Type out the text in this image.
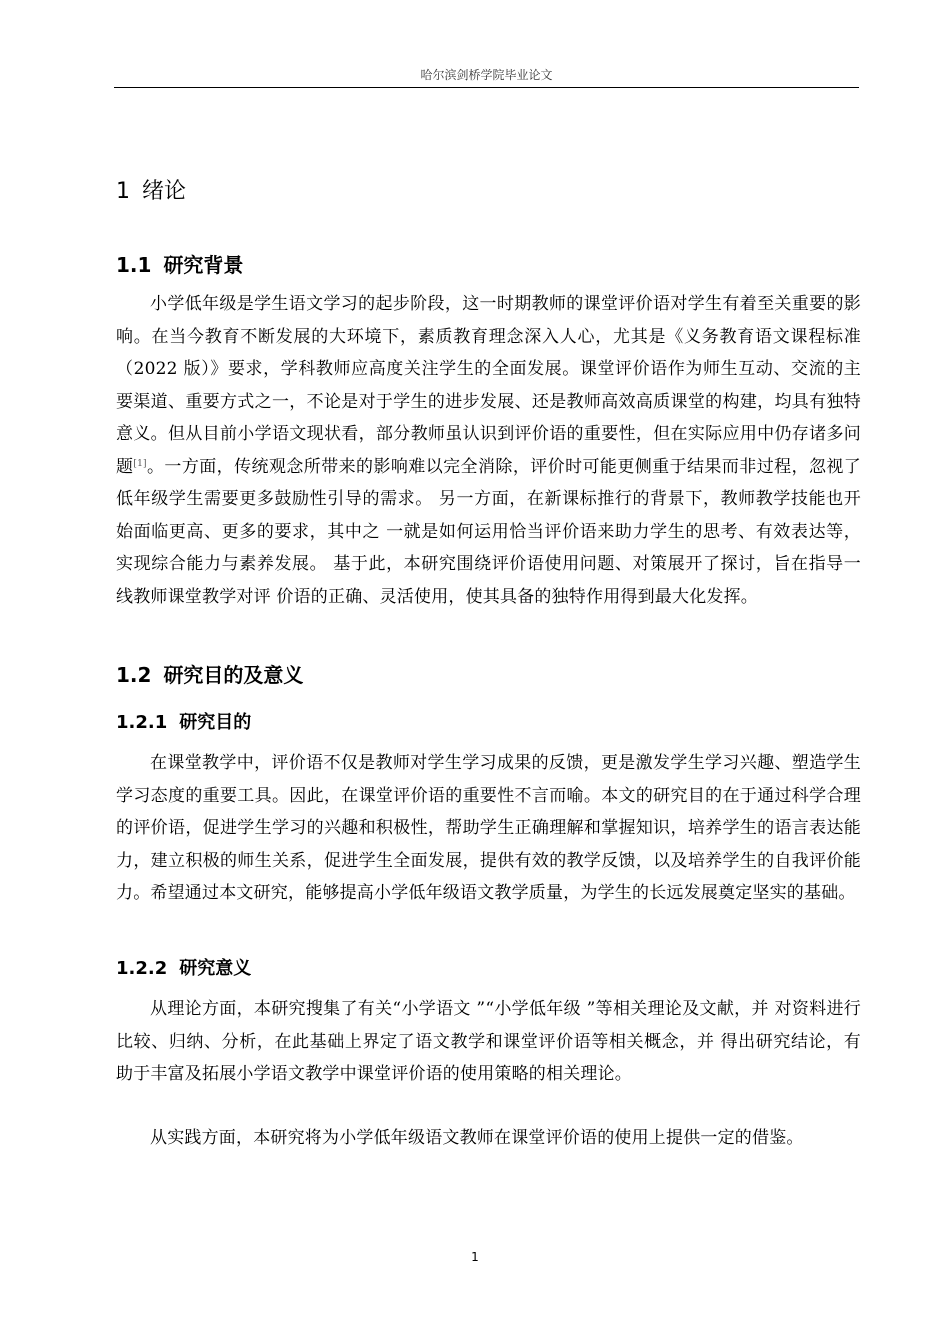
哈尔滨剑桥学院毕业论文
1 绪论
1.1 研究背景

小学低年级是学生语文学习的起步阶段，这一时期教师的课堂评价语对学生有着至关重要的影响。在当今教育不断发展的大环境下，素质教育理念深入人心，尤其是《义务教育语文课程标准（2022 版）》要求，学科教师应高度关注学生的全面发展。课堂评价语作为师生互动、交流的主要渠道、重要方式之一，不论是对于学生的进步发展、还是教师高效高质课堂的构建，均具有独特意义。但从目前小学语文现状看，部分教师虽认识到评价语的重要性，但在实际应用中仍存诸多问题[1]。一方面，传统观念所带来的影响难以完全消除，评价时可能更侧重于结果而非过程，忽视了低年级学生需要更多鼓励性引导的需求。 另一方面，在新课标推行的背景下，教师教学技能也开始面临更高、更多的要求，其中之 一就是如何运用恰当评价语来助力学生的思考、有效表达等，实现综合能力与素养发展。 基于此，本研究围绕评价语使用问题、对策展开了探讨，旨在指导一线教师课堂教学对评 价语的正确、灵活使用，使其具备的独特作用得到最大化发挥。

1.2 研究目的及意义
1.2.1 研究目的

在课堂教学中，评价语不仅是教师对学生学习成果的反馈，更是激发学生学习兴趣、塑造学生学习态度的重要工具。因此，在课堂评价语的重要性不言而喻。本文的研究目的在于通过科学合理的评价语，促进学生学习的兴趣和积极性，帮助学生正确理解和掌握知识，培养学生的语言表达能力，建立积极的师生关系，促进学生全面发展，提供有效的教学反馈，以及培养学生的自我评价能力。希望通过本文研究，能够提高小学低年级语文教学质量，为学生的长远发展奠定坚实的基础。

1.2.2 研究意义

从理论方面，本研究搜集了有关“小学语文 ”“小学低年级 ”等相关理论及文献，并 对资料进行比较、归纳、分析，在此基础上界定了语文教学和课堂评价语等相关概念，并 得出研究结论，有助于丰富及拓展小学语文教学中课堂评价语的使用策略的相关理论。

从实践方面，本研究将为小学低年级语文教师在课堂评价语的使用上提供一定的借鉴。

1
